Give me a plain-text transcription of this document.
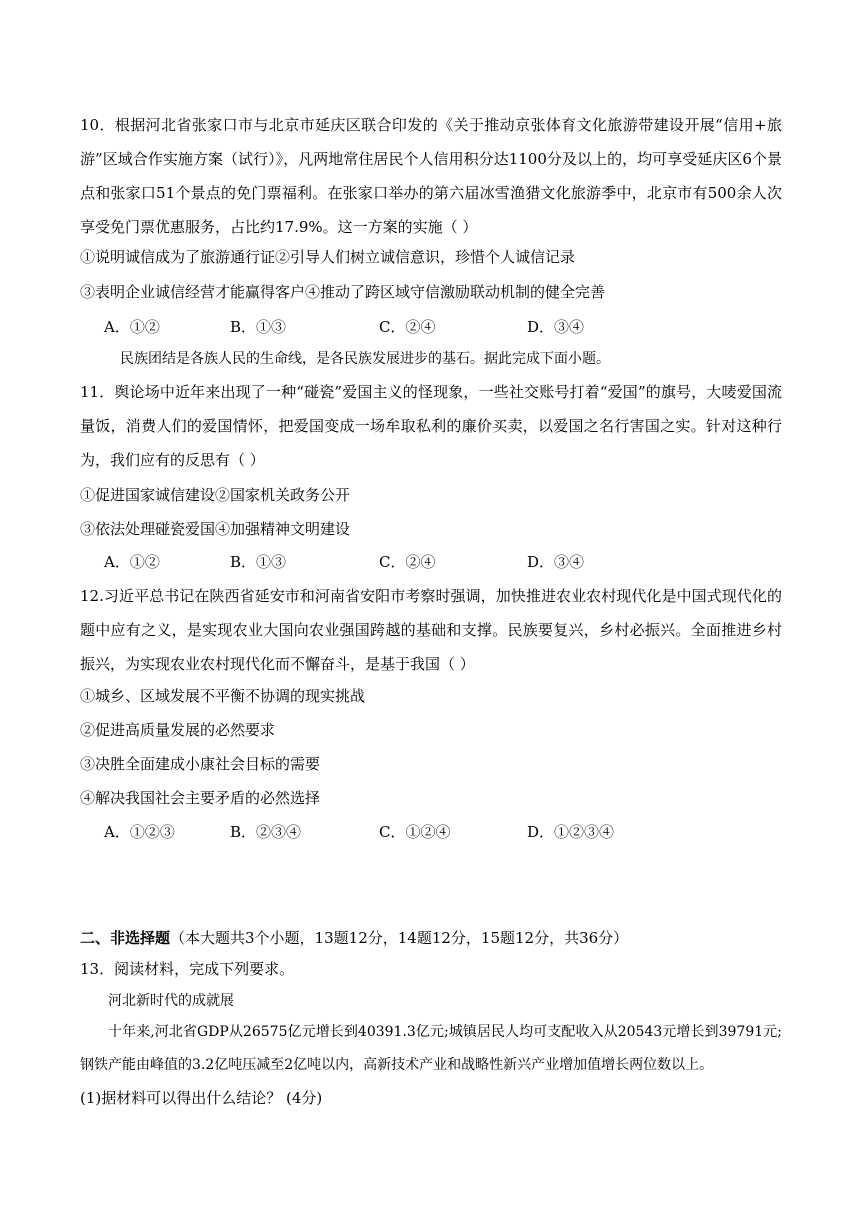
10．根据河北省张家口市与北京市延庆区联合印发的《关于推动京张体育文化旅游带建设开展“信用+旅游”区域合作实施方案（试行）》，凡两地常住居民个人信用积分达1100分及以上的，均可享受延庆区6个景点和张家口51个景点的免门票福利。在张家口举办的第六届冰雪渔猎文化旅游季中，北京市有500余人次享受免门票优惠服务，占比约17.9%。这一方案的实施（ ）
①说明诚信成为了旅游通行证②引导人们树立诚信意识，珍惜个人诚信记录
③表明企业诚信经营才能赢得客户④推动了跨区域守信激励联动机制的健全完善
A．①②	B．①③	C．②④	D．③④
民族团结是各族人民的生命线，是各民族发展进步的基石。据此完成下面小题。
11．舆论场中近年来出现了一种“碰瓷”爱国主义的怪现象，一些社交账号打着“爱国”的旗号，大唛爱国流量饭，消费人们的爱国情怀，把爱国变成一场牟取私利的廉价买卖，以爱国之名行害国之实。针对这种行为，我们应有的反思有（ ）
①促进国家诚信建设②国家机关政务公开
③依法处理碰瓷爱国④加强精神文明建设
A．①②	B．①③	C．②④	D．③④
12.习近平总书记在陕西省延安市和河南省安阳市考察时强调，加快推进农业农村现代化是中国式现代化的题中应有之义，是实现农业大国向农业强国跨越的基础和支撑。民族要复兴，乡村必振兴。全面推进乡村振兴，为实现农业农村现代化而不懈奋斗，是基于我国（ ）
①城乡、区域发展不平衡不协调的现实挑战
②促进高质量发展的必然要求
③决胜全面建成小康社会目标的需要
④解决我国社会主要矛盾的必然选择
A．①②③	B．②③④	C．①②④	D．①②③④
二、非选择题（本大题共3个小题，13题12分，14题12分，15题12分，共36分）
13．阅读材料，完成下列要求。
河北新时代的成就展
十年来,河北省GDP从26575亿元增长到40391.3亿元;城镇居民人均可支配收入从20543元增长到39791元;钢铁产能由峰值的3.2亿吨压减至2亿吨以内，高新技术产业和战略性新兴产业增加值增长两位数以上。
(1)据材料可以得出什么结论？ (4分)
